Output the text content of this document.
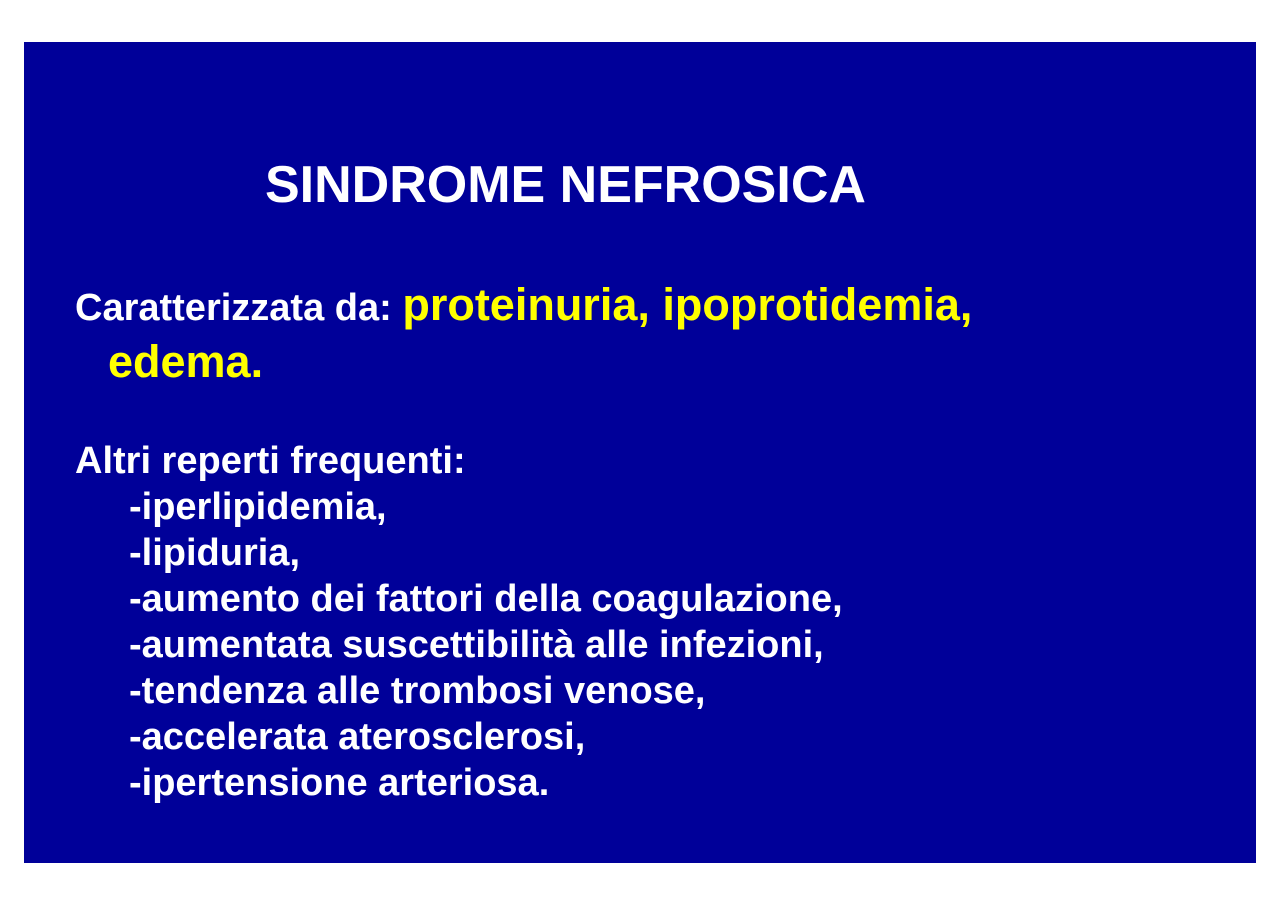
SINDROME NEFROSICA
Caratterizzata da: proteinuria, ipoprotidemia,
edema.
Altri reperti frequenti:
-iperlipidemia,
-lipiduria,
-aumento dei fattori della coagulazione,
-aumentata suscettibilità alle infezioni,
-tendenza alle trombosi venose,
-accelerata aterosclerosi,
-ipertensione arteriosa.
